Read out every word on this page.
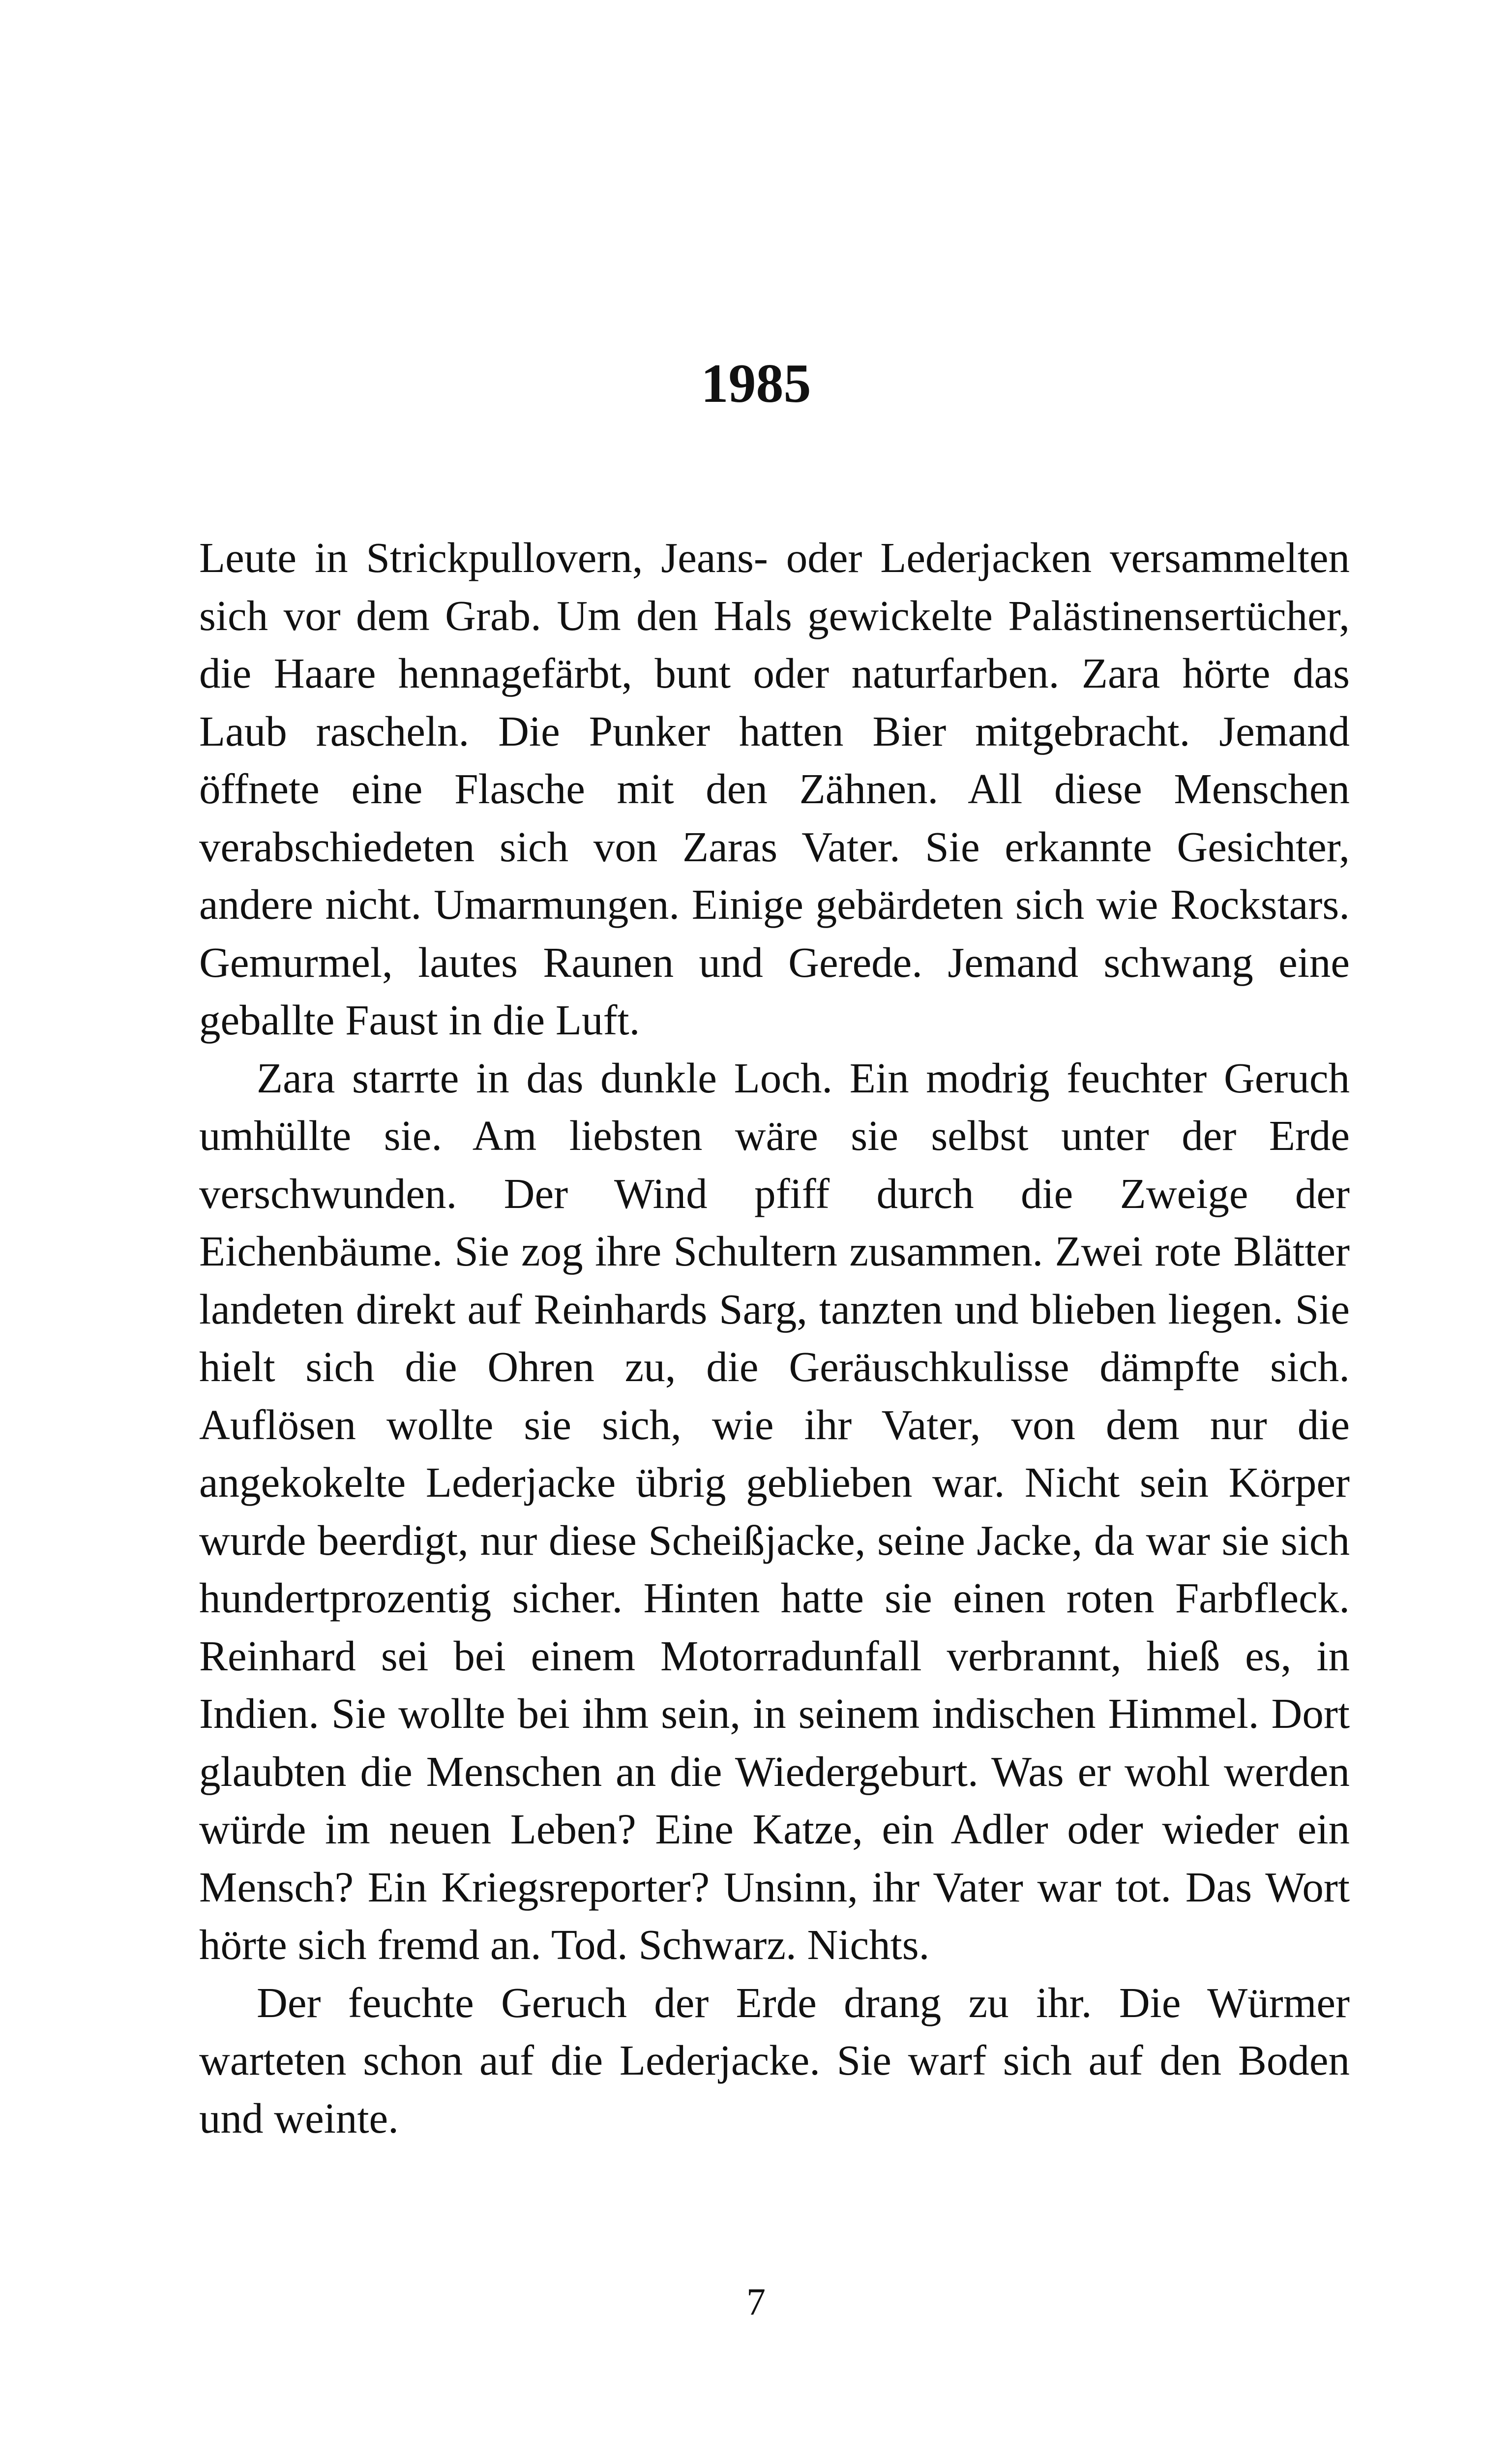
1985

Leute in Strickpullovern, Jeans- oder Lederjacken versammelten sich vor dem Grab. Um den Hals gewickelte Palästinensertücher, die Haare hennagefärbt, bunt oder naturfarben. Zara hörte das Laub rascheln. Die Punker hatten Bier mitgebracht. Jemand öffnete eine Flasche mit den Zähnen. All diese Menschen verabschiedeten sich von Zaras Vater. Sie erkannte Gesichter, andere nicht. Umarmungen. Einige gebärdeten sich wie Rockstars. Gemurmel, lautes Raunen und Gerede. Jemand schwang eine geballte Faust in die Luft.

Zara starrte in das dunkle Loch. Ein modrig feuchter Geruch umhüllte sie. Am liebsten wäre sie selbst unter der Erde verschwunden. Der Wind pfiff durch die Zweige der Eichenbäume. Sie zog ihre Schultern zusammen. Zwei rote Blätter landeten direkt auf Reinhards Sarg, tanzten und blieben liegen. Sie hielt sich die Ohren zu, die Geräuschkulisse dämpfte sich. Auflösen wollte sie sich, wie ihr Vater, von dem nur die angekokelte Lederjacke übrig geblieben war. Nicht sein Körper wurde beerdigt, nur diese Scheißjacke, seine Jacke, da war sie sich hundertprozentig sicher. Hinten hatte sie einen roten Farbfleck. Reinhard sei bei einem Motorradunfall verbrannt, hieß es, in Indien. Sie wollte bei ihm sein, in seinem indischen Himmel. Dort glaubten die Menschen an die Wiedergeburt. Was er wohl werden würde im neuen Leben? Eine Katze, ein Adler oder wieder ein Mensch? Ein Kriegsreporter? Unsinn, ihr Vater war tot. Das Wort hörte sich fremd an. Tod. Schwarz. Nichts.

Der feuchte Geruch der Erde drang zu ihr. Die Würmer warteten schon auf die Lederjacke. Sie warf sich auf den Boden und weinte.

7
